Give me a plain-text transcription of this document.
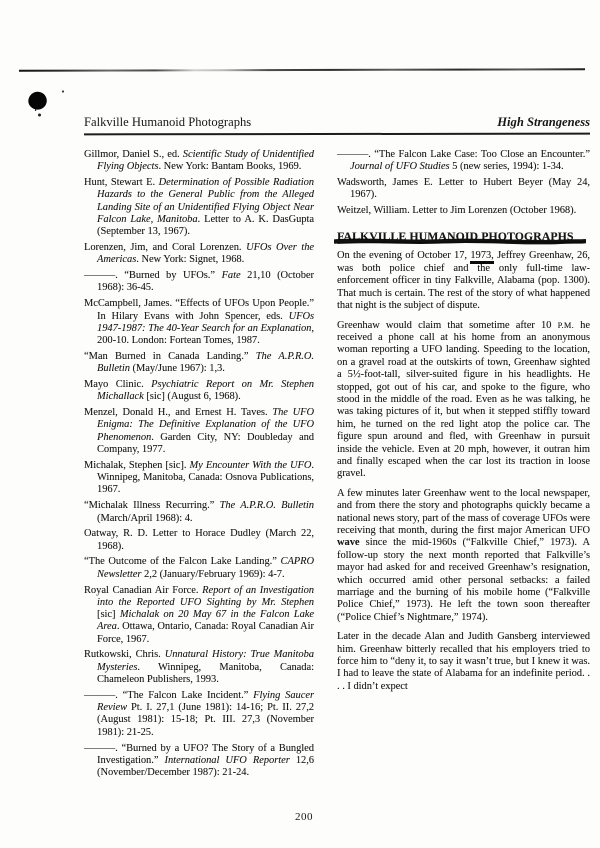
Falkville Humanoid Photographs	High Strangeness

Gillmor, Daniel S., ed. Scientific Study of Unidentified Flying Objects. New York: Bantam Books, 1969.

Hunt, Stewart E. Determination of Possible Radiation Hazards to the General Public from the Alleged Landing Site of an Unidentified Flying Object Near Falcon Lake, Manitoba. Letter to A. K. DasGupta (September 13, 1967).

Lorenzen, Jim, and Coral Lorenzen. UFOs Over the Americas. New York: Signet, 1968.

———. “Burned by UFOs.” Fate 21,10 (October 1968): 36-45.

McCampbell, James. “Effects of UFOs Upon People.” In Hilary Evans with John Spencer, eds. UFOs 1947-1987: The 40-Year Search for an Explanation, 200-10. London: Fortean Tomes, 1987.

“Man Burned in Canada Landing.” The A.P.R.O. Bulletin (May/June 1967): 1,3.

Mayo Clinic. Psychiatric Report on Mr. Stephen Michallack [sic] (August 6, 1968).

Menzel, Donald H., and Ernest H. Taves. The UFO Enigma: The Definitive Explanation of the UFO Phenomenon. Garden City, NY: Doubleday and Company, 1977.

Michalak, Stephen [sic]. My Encounter With the UFO. Winnipeg, Manitoba, Canada: Osnova Publications, 1967.

“Michalak Illness Recurring.” The A.P.R.O. Bulletin (March/April 1968): 4.

Oatway, R. D. Letter to Horace Dudley (March 22, 1968).

“The Outcome of the Falcon Lake Landing.” CAPRO Newsletter 2,2 (January/February 1969): 4-7.

Royal Canadian Air Force. Report of an Investigation into the Reported UFO Sighting by Mr. Stephen [sic] Michalak on 20 May 67 in the Falcon Lake Area. Ottawa, Ontario, Canada: Royal Canadian Air Force, 1967.

Rutkowski, Chris. Unnatural History: True Manitoba Mysteries. Winnipeg, Manitoba, Canada: Chameleon Publishers, 1993.

———. “The Falcon Lake Incident.” Flying Saucer Review Pt. I. 27,1 (June 1981): 14-16; Pt. II. 27,2 (August 1981): 15-18; Pt. III. 27,3 (November 1981): 21-25.

———. “Burned by a UFO? The Story of a Bungled Investigation.” International UFO Reporter 12,6 (November/December 1987): 21-24.

———. “The Falcon Lake Case: Too Close an Encounter.” Journal of UFO Studies 5 (new series, 1994): 1-34.

Wadsworth, James E. Letter to Hubert Beyer (May 24, 1967).

Weitzel, William. Letter to Jim Lorenzen (October 1968).

FALKVILLE HUMANOID PHOTOGRAPHS

On the evening of October 17, 1973, Jeffrey Greenhaw, 26, was both police chief and the only full-time law-enforcement officer in tiny Falkville, Alabama (pop. 1300). That much is certain. The rest of the story of what happened that night is the subject of dispute.

Greenhaw would claim that sometime after 10 P.M. he received a phone call at his home from an anonymous woman reporting a UFO landing. Speeding to the location, on a gravel road at the outskirts of town, Greenhaw sighted a 5½-foot-tall, silver-suited figure in his headlights. He stopped, got out of his car, and spoke to the figure, who stood in the middle of the road. Even as he was talking, he was taking pictures of it, but when it stepped stiffly toward him, he turned on the red light atop the police car. The figure spun around and fled, with Greenhaw in pursuit inside the vehicle. Even at 20 mph, however, it outran him and finally escaped when the car lost its traction in loose gravel.

A few minutes later Greenhaw went to the local newspaper, and from there the story and photographs quickly became a national news story, part of the mass of coverage UFOs were receiving that month, during the first major American UFO wave since the mid-1960s (“Falkville Chief,” 1973). A follow-up story the next month reported that Falkville’s mayor had asked for and received Greenhaw’s resignation, which occurred amid other personal setbacks: a failed marriage and the burning of his mobile home (“Falkville Police Chief,” 1973). He left the town soon thereafter (“Police Chief’s Nightmare,” 1974).

Later in the decade Alan and Judith Gansberg interviewed him. Greenhaw bitterly recalled that his employers tried to force him to “deny it, to say it wasn’t true, but I knew it was. I had to leave the state of Alabama for an indefinite period. . . . I didn’t expect

200
